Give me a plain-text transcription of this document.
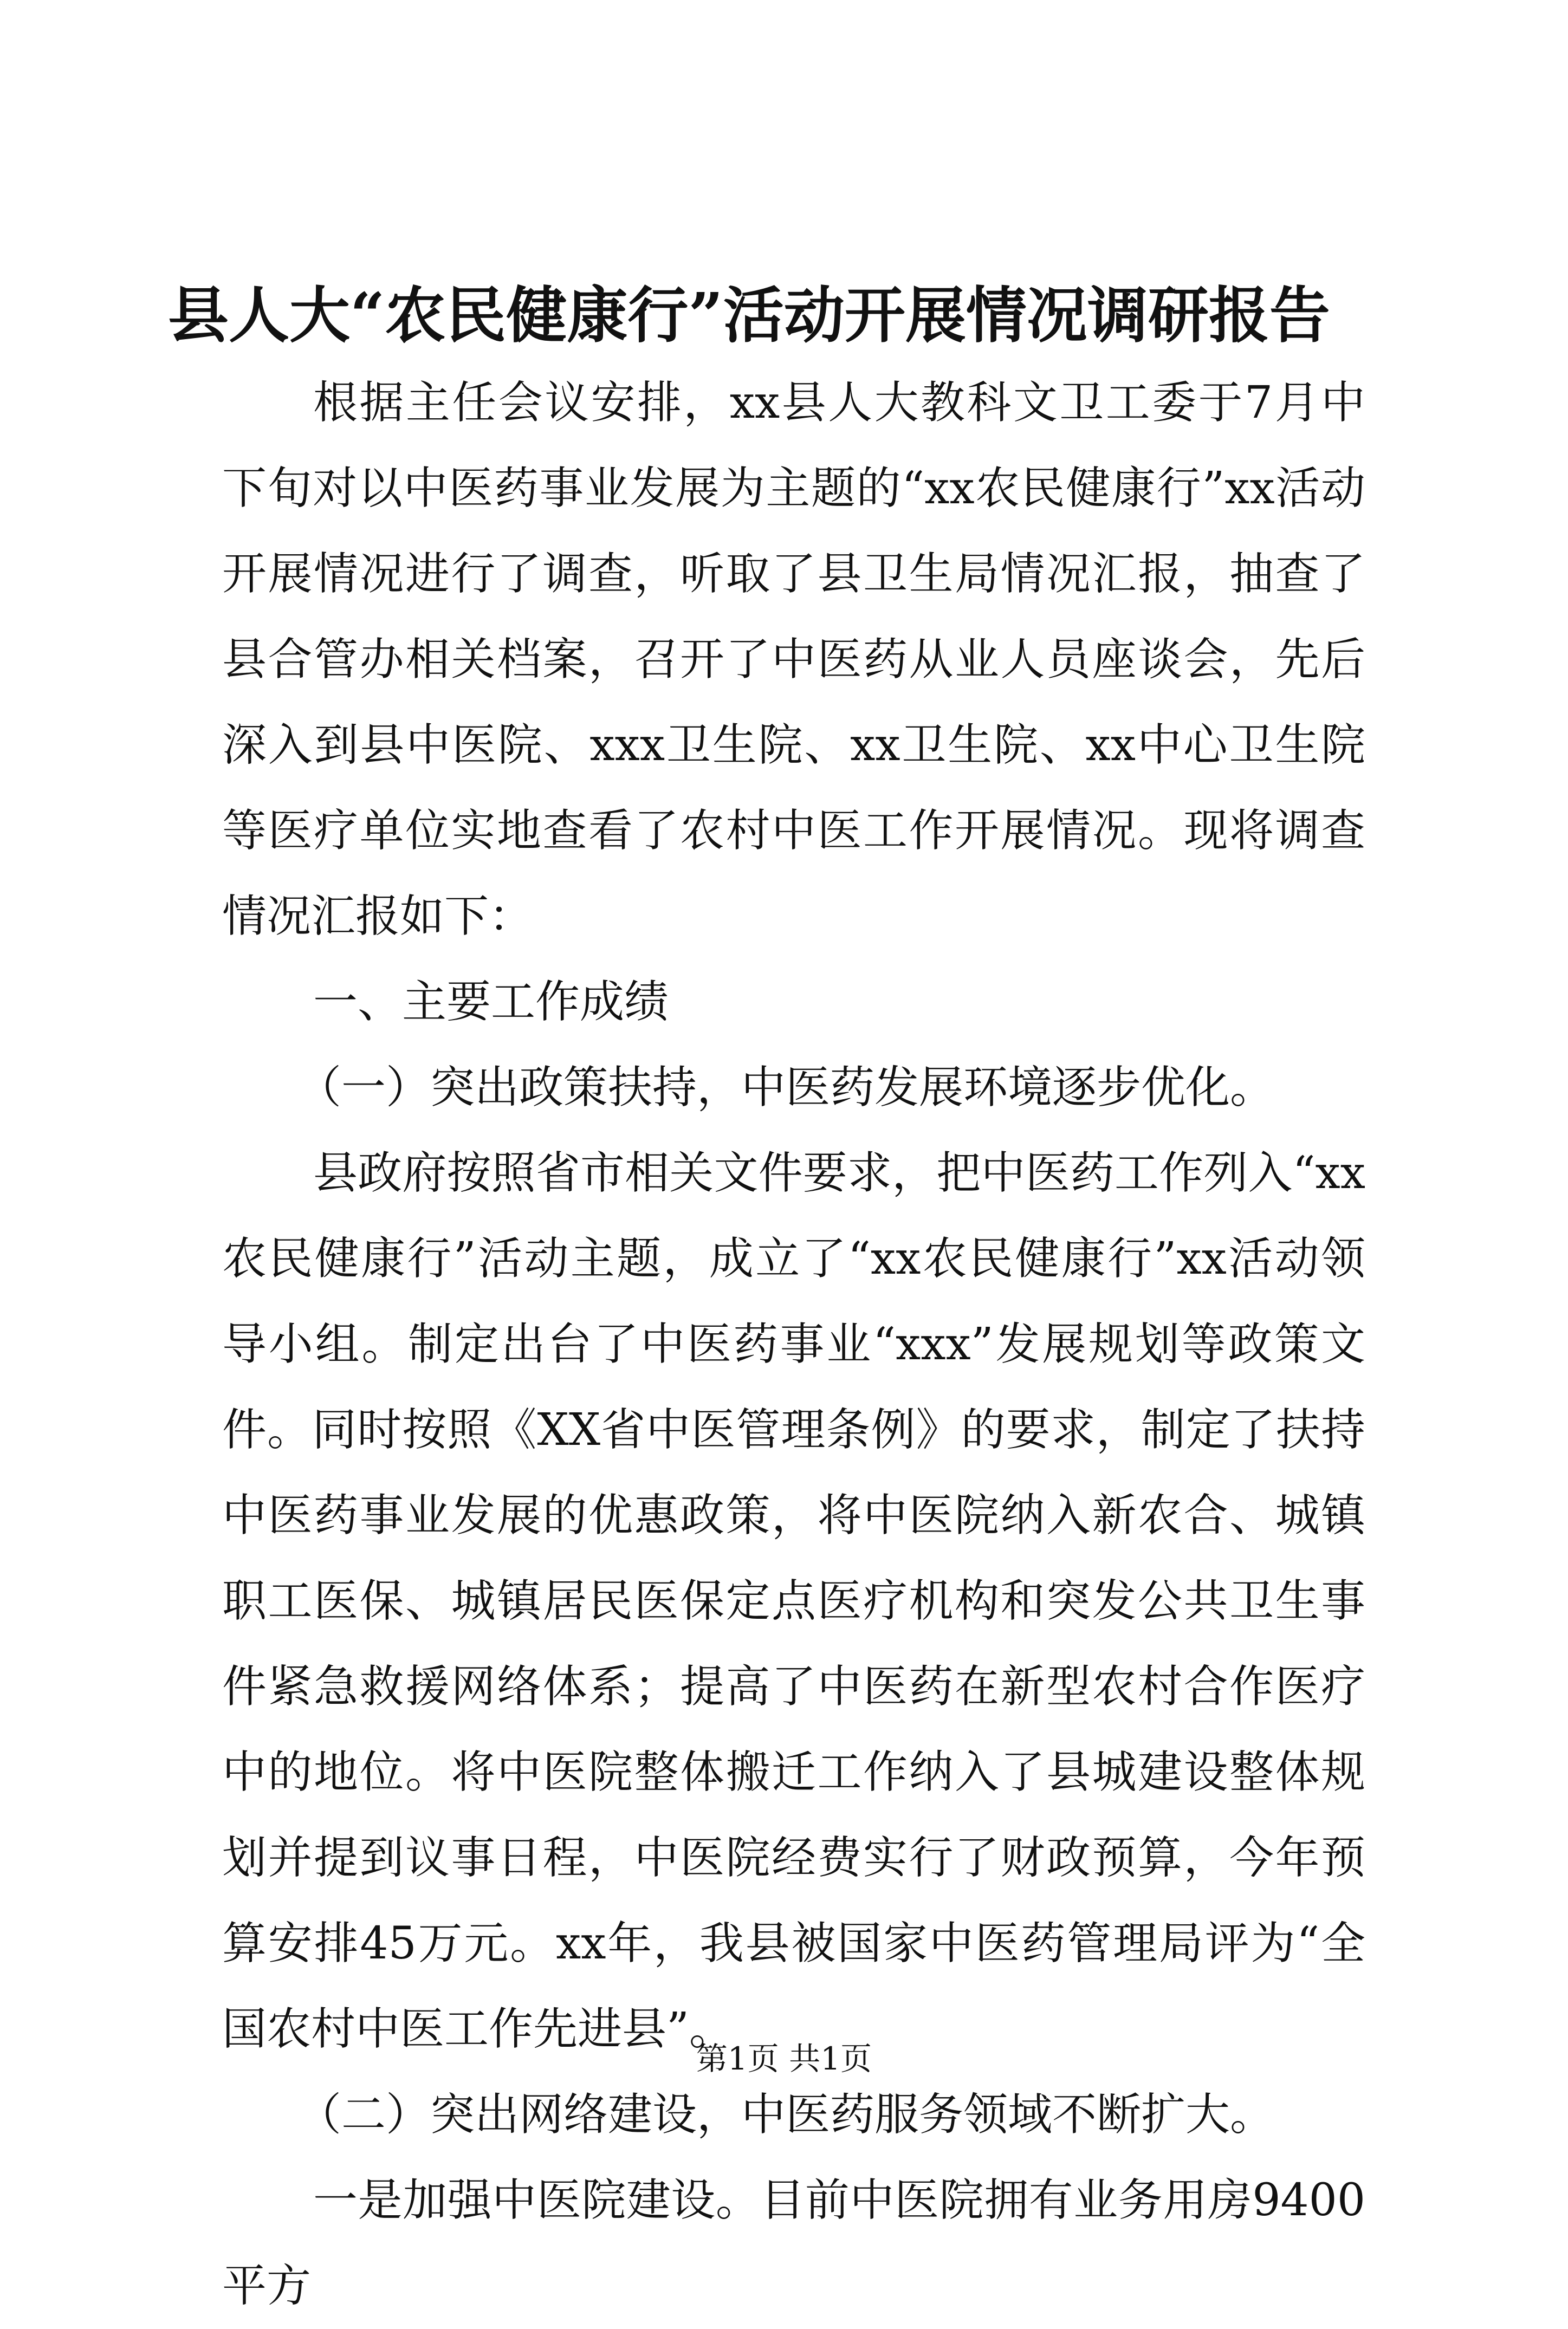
县人大“农民健康行”活动开展情况调研报告

根据主任会议安排，xx县人大教科文卫工委于7月中下旬对以中医药事业发展为主题的“xx农民健康行”xx活动开展情况进行了调查，听取了县卫生局情况汇报，抽查了县合管办相关档案，召开了中医药从业人员座谈会，先后深入到县中医院、xxx卫生院、xx卫生院、xx中心卫生院等医疗单位实地查看了农村中医工作开展情况。现将调查情况汇报如下：

一、主要工作成绩

（一）突出政策扶持，中医药发展环境逐步优化。

县政府按照省市相关文件要求，把中医药工作列入“xx农民健康行”活动主题，成立了“xx农民健康行”xx活动领导小组。制定出台了中医药事业“xxx”发展规划等政策文件。同时按照《XX省中医管理条例》的要求，制定了扶持中医药事业发展的优惠政策，将中医院纳入新农合、城镇职工医保、城镇居民医保定点医疗机构和突发公共卫生事件紧急救援网络体系；提高了中医药在新型农村合作医疗中的地位。将中医院整体搬迁工作纳入了县城建设整体规划并提到议事日程，中医院经费实行了财政预算，今年预算安排45万元。xx年，我县被国家中医药管理局评为“全国农村中医工作先进县”。

（二）突出网络建设，中医药服务领域不断扩大。

一是加强中医院建设。目前中医院拥有业务用房9400平方

第1页 共1页
